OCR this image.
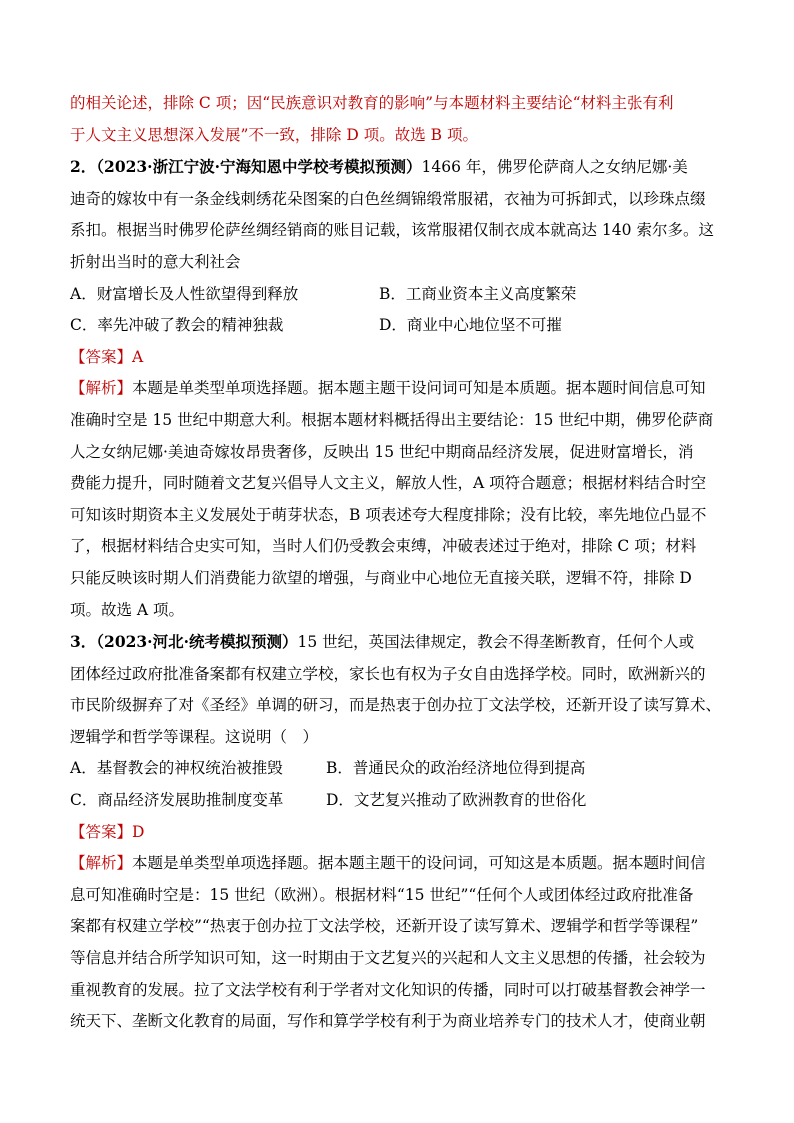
的相关论述，排除 C 项；因“民族意识对教育的影响”与本题材料主要结论“材料主张有利

于人文主义思想深入发展”不一致，排除 D 项。故选 B 项。

2．（2023·浙江宁波·宁海知恩中学校考模拟预测）1466 年，佛罗伦萨商人之女纳尼娜·美

迪奇的嫁妆中有一条金线刺绣花朵图案的白色丝绸锦缎常服裙，衣袖为可拆卸式，以珍珠点缀

系扣。根据当时佛罗伦萨丝绸经销商的账目记载，该常服裙仅制衣成本就高达 140 索尔多。这

折射出当时的意大利社会

A．财富增长及人性欲望得到释放	B．工商业资本主义高度繁荣
C．率先冲破了教会的精神独裁	D．商业中心地位坚不可摧

【答案】A

【解析】本题是单类型单项选择题。据本题主题干设问词可知是本质题。据本题时间信息可知

准确时空是 15 世纪中期意大利。根据本题材料概括得出主要结论：15 世纪中期，佛罗伦萨商

人之女纳尼娜·美迪奇嫁妆昂贵奢侈，反映出 15 世纪中期商品经济发展，促进财富增长，消

费能力提升，同时随着文艺复兴倡导人文主义，解放人性，A 项符合题意；根据材料结合时空

可知该时期资本主义发展处于萌芽状态，B 项表述夸大程度排除；没有比较，率先地位凸显不

了，根据材料结合史实可知，当时人们仍受教会束缚，冲破表述过于绝对，排除 C 项；材料

只能反映该时期人们消费能力欲望的增强，与商业中心地位无直接关联，逻辑不符，排除 D

项。故选 A 项。

3．（2023·河北·统考模拟预测）15 世纪，英国法律规定，教会不得垄断教育，任何个人或

团体经过政府批准备案都有权建立学校，家长也有权为子女自由选择学校。同时，欧洲新兴的

市民阶级摒弃了对《圣经》单调的研习，而是热衷于创办拉丁文法学校，还新开设了读写算术、

逻辑学和哲学等课程。这说明（　）

A．基督教会的神权统治被推毁	B．普通民众的政治经济地位得到提高
C．商品经济发展助推制度变革	D．文艺复兴推动了欧洲教育的世俗化

【答案】D

【解析】本题是单类型单项选择题。据本题主题干的设问词，可知这是本质题。据本题时间信

息可知准确时空是：15 世纪（欧洲）。根据材料“15 世纪”“任何个人或团体经过政府批准备

案都有权建立学校”“热衷于创办拉丁文法学校，还新开设了读写算术、逻辑学和哲学等课程”

等信息并结合所学知识可知，这一时期由于文艺复兴的兴起和人文主义思想的传播，社会较为

重视教育的发展。拉了文法学校有利于学者对文化知识的传播，同时可以打破基督教会神学一

统天下、垄断文化教育的局面，写作和算学学校有利于为商业培养专门的技术人才，使商业朝
